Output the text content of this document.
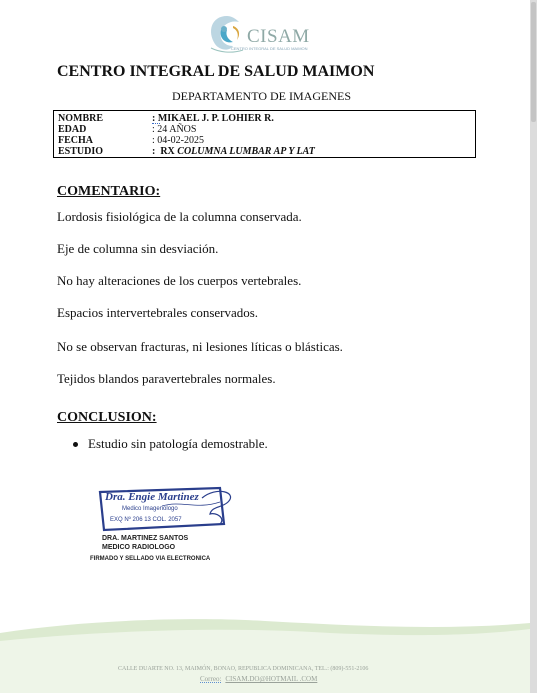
CISAM
CENTRO INTEGRAL DE SALUD MAIMON
CENTRO INTEGRAL DE SALUD MAIMON
DEPARTAMENTO DE IMAGENES
NOMBRE	: MIKAEL J. P. LOHIER R.
EDAD	: 24 AÑOS
FECHA	: 04-02-2025
ESTUDIO	:  RX COLUMNA LUMBAR AP Y LAT
COMENTARIO:
Lordosis fisiológica de la columna conservada.
Eje de columna sin desviación.
No hay alteraciones de los cuerpos vertebrales.
Espacios intervertebrales conservados.
No se observan fracturas, ni lesiones líticas o blásticas.
Tejidos blandos paravertebrales normales.
CONCLUSION:
Estudio sin patología demostrable.
Dra. Engie Martinez
Medico Imagenologo
EXQ Nº 206 13 COL. 2057
DRA. MARTINEZ SANTOS
MEDICO RADIOLOGO
FIRMADO Y SELLADO VIA ELECTRONICA
CALLE DUARTE NO. 13, MAIMÓN, BONAO, REPUBLICA DOMINICANA, TEL.: (809)-551-2106
Correo: CISAM.DO@HOTMAIL .COM
